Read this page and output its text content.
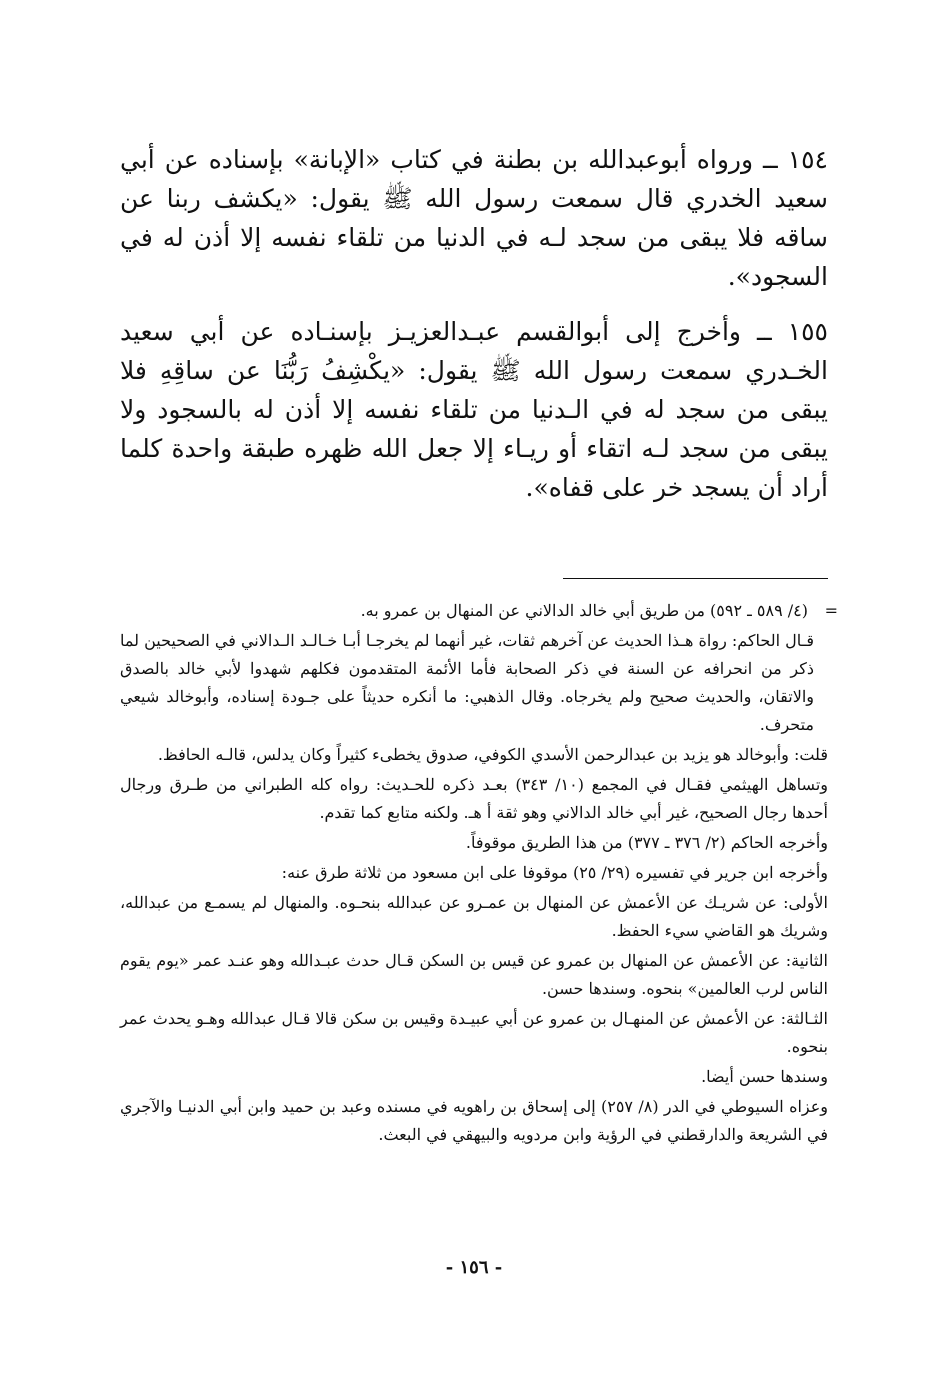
١٥٤ ــ ورواه أبوعبدالله بن بطنة في كتاب «الإبانة» بإسناده عن أبي سعيد الخدري قال سمعت رسول الله ﷺ يقول: «يكشف ربنا عن ساقه فلا يبقى من سجد لـه في الدنيا من تلقاء نفسه إلا أذن له في السجود».

١٥٥ ــ وأخرج إلى أبوالقسم عبـدالعزيـز بإسنـاده عن أبي سعيد الخـدري سمعت رسول الله ﷺ يقول: «يكْشِفُ رَبُّنَا عن ساقِهِ فلا يبقى من سجد له في الـدنيا من تلقاء نفسه إلا أذن له بالسجود ولا يبقى من سجد لـه اتقاء أو ريـاء إلا جعل الله ظهره طبقة واحدة كلما أراد أن يسجد خر على قفاه».

=
(٤/ ٥٨٩ ـ ٥٩٢) من طريق أبي خالد الدالاني عن المنهال بن عمرو به.

قـال الحاكم: رواة هـذا الحديث عن آخرهم ثقات، غير أنهما لم يخرجـا أبـا خـالـد الـدالاني في الصحيحين لما ذكر من انحرافه عن السنة في ذكر الصحابة فأما الأئمة المتقدمون فكلهم شهدوا لأبي خالد بالصدق والاتقان، والحديث صحيح ولم يخرجاه. وقال الذهبي: ما أنكره حديثاً على جـودة إسناده، وأبوخالد شيعي متحرف.

قلت: وأبوخالد هو يزيد بن عبدالرحمن الأسدي الكوفي، صدوق يخطىء كثيراً وكان يدلس، قالـه الحافظ.

وتساهل الهيثمي فقـال في المجمع (١٠/ ٣٤٣) بعـد ذكره للحـديث: رواه كله الطبراني من طـرق ورجال أحدها رجال الصحيح، غير أبي خالد الدالاني وهو ثقة أ هـ. ولكنه متابع كما تقدم.

وأخرجه الحاكم (٢/ ٣٧٦ ـ ٣٧٧) من هذا الطريق موقوفاً.

وأخرجه ابن جرير في تفسيره (٢٩/ ٢٥) موقوفا على ابن مسعود من ثلاثة طرق عنه:

الأولى: عن شريـك عن الأعمش عن المنهال بن عمـرو عن عبدالله بنحـوه. والمنهال لم يسمـع من عبدالله، وشريك هو القاضي سيء الحفظ.

الثانية: عن الأعمش عن المنهال بن عمرو عن قيس بن السكن قـال حدث عبـدالله وهو عنـد عمر «يوم يقوم الناس لرب العالمين» بنحوه. وسندها حسن.

الثـالثة: عن الأعمش عن المنهـال بن عمرو عن أبي عبيـدة وقيس بن سكن قالا قـال عبدالله وهـو يحدث عمر بنحوه.

وسندها حسن أيضا.

وعزاه السيوطي في الدر (٨/ ٢٥٧) إلى إسحاق بن راهويه في مسنده وعبد بن حميد وابن أبي الدنيـا والآجري في الشريعة والدارقطني في الرؤية وابن مردويه والبيهقي في البعث.

- ١٥٦ -
